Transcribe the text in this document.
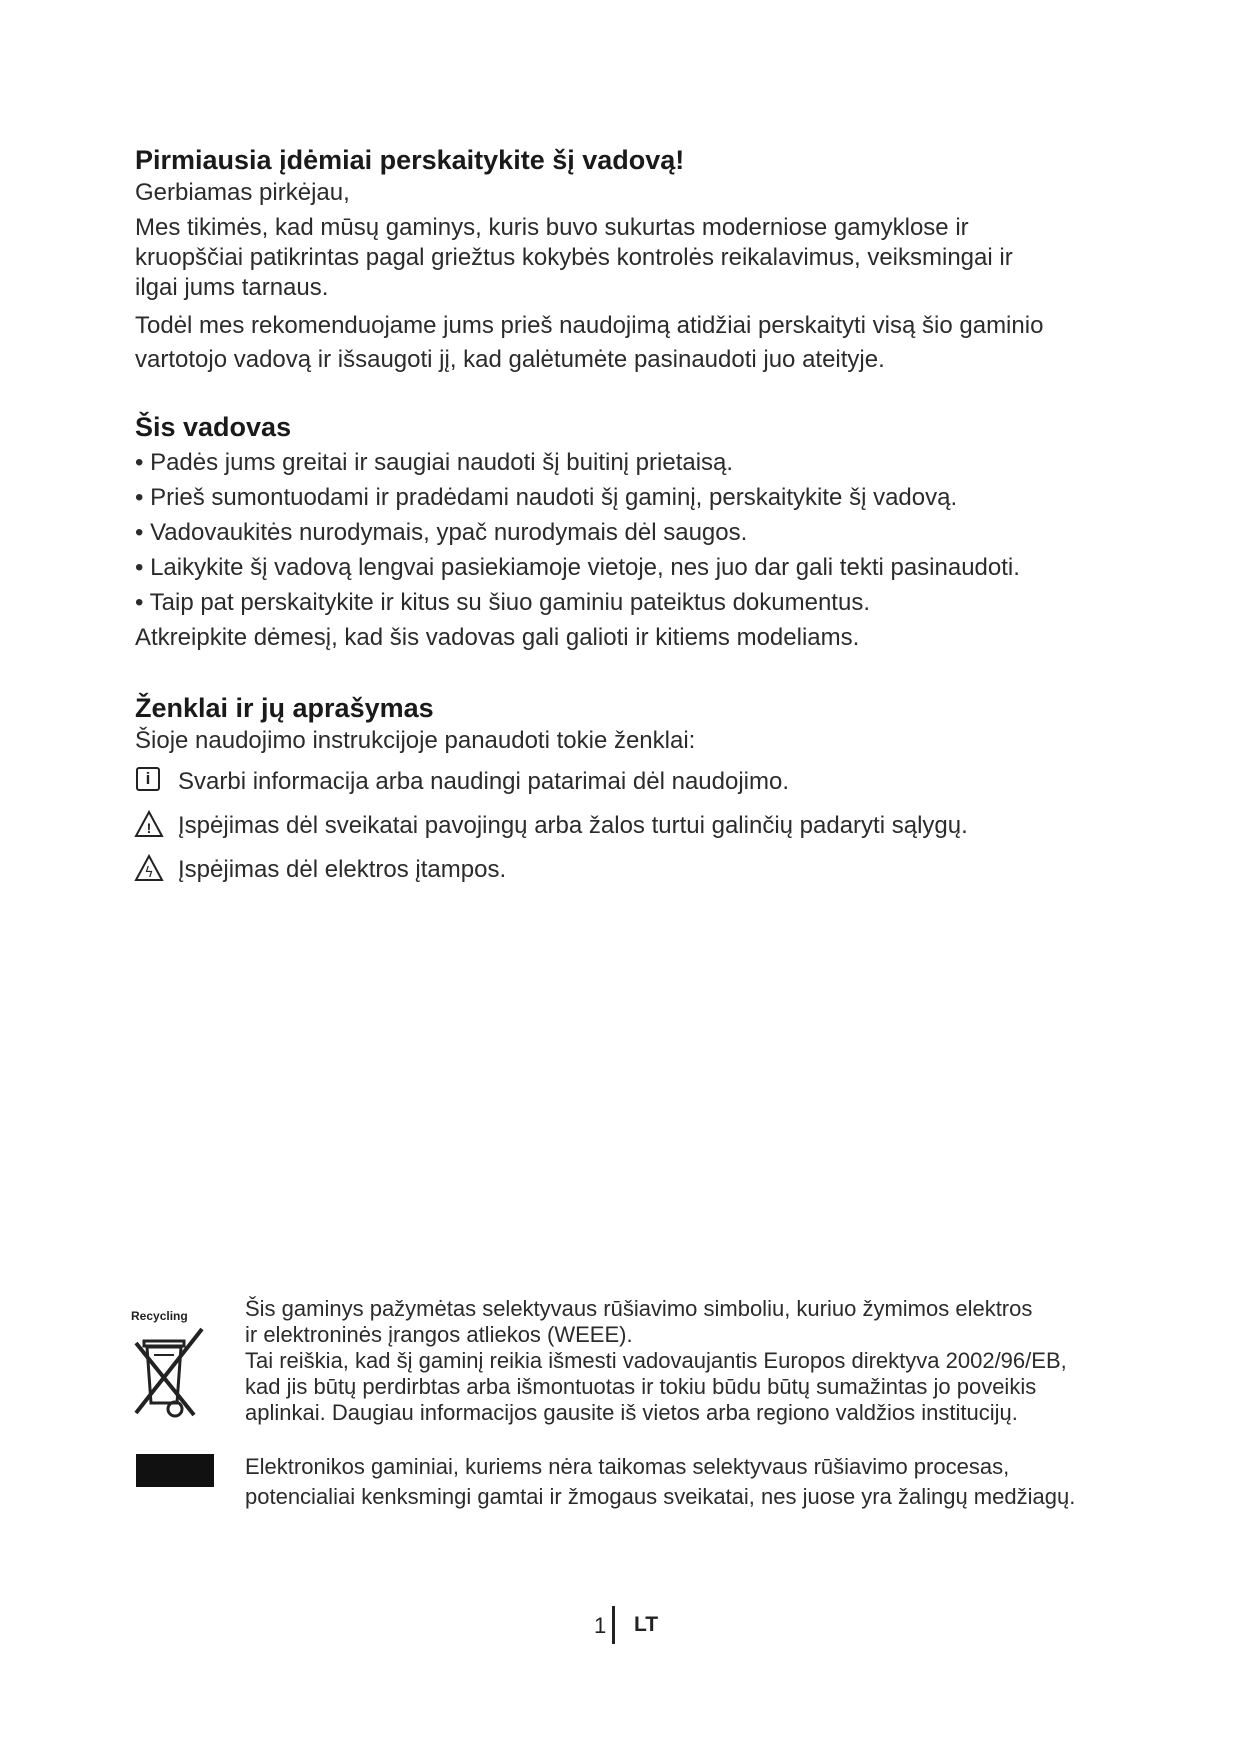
Pirmiausia įdėmiai perskaitykite šį vadovą!
Gerbiamas pirkėjau,
Mes tikimės, kad mūsų gaminys, kuris buvo sukurtas moderniose gamyklose ir
kruopščiai patikrintas pagal griežtus kokybės kontrolės reikalavimus, veiksmingai ir
ilgai jums tarnaus.
Todėl mes rekomenduojame jums prieš naudojimą atidžiai perskaityti visą šio gaminio
vartotojo vadovą ir išsaugoti jį, kad galėtumėte pasinaudoti juo ateityje.
Šis vadovas
• Padės jums greitai ir saugiai naudoti šį buitinį prietaisą.
• Prieš sumontuodami ir pradėdami naudoti šį gaminį, perskaitykite šį vadovą.
• Vadovaukitės nurodymais, ypač nurodymais dėl saugos.
• Laikykite šį vadovą lengvai pasiekiamoje vietoje, nes juo dar gali tekti pasinaudoti.
• Taip pat perskaitykite ir kitus su šiuo gaminiu pateiktus dokumentus.
Atkreipkite dėmesį, kad šis vadovas gali galioti ir kitiems modeliams.
Ženklai ir jų aprašymas
Šioje naudojimo instrukcijoje panaudoti tokie ženklai:
i	Svarbi informacija arba naudingi patarimai dėl naudojimo.
! Įspėjimas dėl sveikatai pavojingų arba žalos turtui galinčių padaryti sąlygų.
ϟ Įspėjimas dėl elektros įtampos.
Recycling	Šis gaminys pažymėtas selektyvaus rūšiavimo simboliu, kuriuo žymimos elektros
ir elektroninės įrangos atliekos (WEEE).
Tai reiškia, kad šį gaminį reikia išmesti vadovaujantis Europos direktyva 2002/96/EB,
kad jis būtų perdirbtas arba išmontuotas ir tokiu būdu būtų sumažintas jo poveikis
aplinkai. Daugiau informacijos gausite iš vietos arba regiono valdžios institucijų.
Elektronikos gaminiai, kuriems nėra taikomas selektyvaus rūšiavimo procesas,
potencialiai kenksmingi gamtai ir žmogaus sveikatai, nes juose yra žalingų medžiagų.
1 LT
